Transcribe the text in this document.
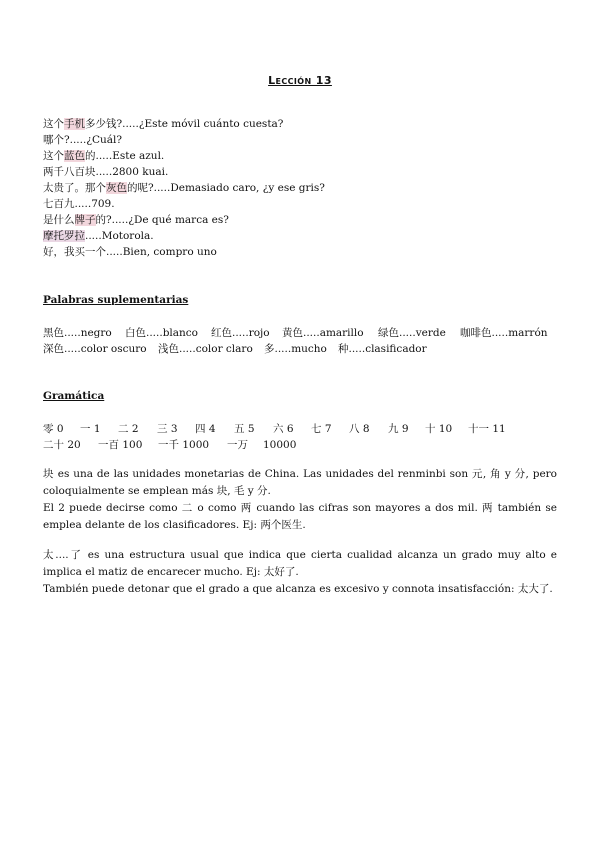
Lección 13
这个手机多少钱?.....¿Este móvil cuánto cuesta?
哪个?.....¿Cuál?
这个蓝色的.....Este azul.
两千八百块.....2800 kuai.
太贵了。那个灰色的呢?.....Demasiado caro, ¿y ese gris?
七百九.....709.
是什么牌子的?.....¿De qué marca es?
摩托罗拉.....Motorola.
好，我买一个.....Bien, compro uno
Palabras suplementarias
黑色.....negro 白色.....blanco 红色.....rojo 黄色.....amarillo 绿色.....verde 咖啡色.....marrón
深色.....color oscuro 浅色.....color claro 多.....mucho 种.....clasificador
Gramática
零 0 一 1 二 2 三 3 四 4 五 5 六 6 七 7 八 8 九 9 十 10 十一 11
二十 20 一百 100 一千 1000 一万 10000
块 es una de las unidades monetarias de China. Las unidades del renminbi son 元, 角 y 分, pero coloquialmente se emplean más 块, 毛 y 分.
El 2 puede decirse como 二 o como 两 cuando las cifras son mayores a dos mil. 两 también se emplea delante de los clasificadores. Ej: 两个医生.
太....了 es una estructura usual que indica que cierta cualidad alcanza un grado muy alto e implica el matiz de encarecer mucho. Ej: 太好了.
También puede detonar que el grado a que alcanza es excesivo y connota insatisfacción: 太大了.
